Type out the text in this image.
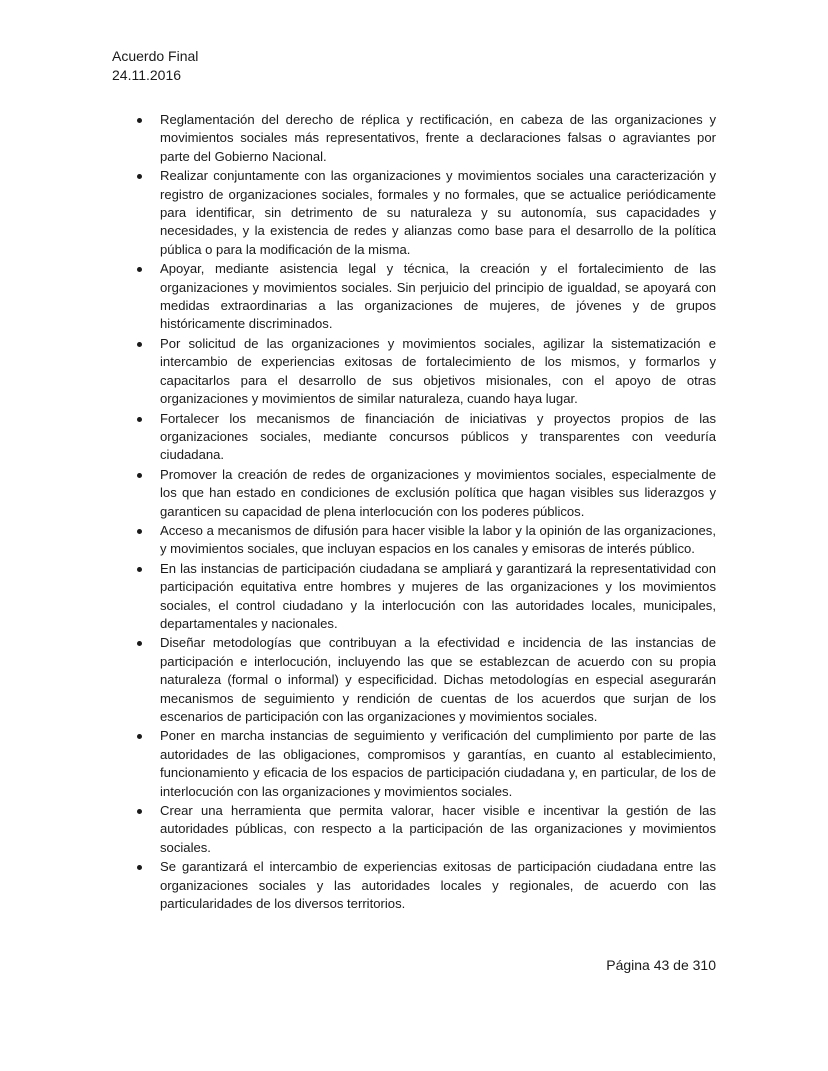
Acuerdo Final
24.11.2016
Reglamentación del derecho de réplica y rectificación, en cabeza de las organizaciones y movimientos sociales más representativos, frente a declaraciones falsas o agraviantes por parte del Gobierno Nacional.
Realizar conjuntamente con las organizaciones y movimientos sociales una caracterización y registro de organizaciones sociales, formales y no formales, que se actualice periódicamente para identificar, sin detrimento de su naturaleza y su autonomía, sus capacidades y necesidades, y la existencia de redes y alianzas como base para el desarrollo de la política pública o para la modificación de la misma.
Apoyar, mediante asistencia legal y técnica, la creación y el fortalecimiento de las organizaciones y movimientos sociales. Sin perjuicio del principio de igualdad, se apoyará con medidas extraordinarias a las organizaciones de mujeres, de jóvenes y de grupos históricamente discriminados.
Por solicitud de las organizaciones y movimientos sociales, agilizar la sistematización e intercambio de experiencias exitosas de fortalecimiento de los mismos, y formarlos y capacitarlos para el desarrollo de sus objetivos misionales, con el apoyo de otras organizaciones y movimientos de similar naturaleza, cuando haya lugar.
Fortalecer los mecanismos de financiación de iniciativas y proyectos propios de las organizaciones sociales, mediante concursos públicos y transparentes con veeduría ciudadana.
Promover la creación de redes de organizaciones y movimientos sociales, especialmente de los que han estado en condiciones de exclusión política que hagan visibles sus liderazgos y garanticen su capacidad de plena interlocución con los poderes públicos.
Acceso a mecanismos de difusión para hacer visible la labor y la opinión de las organizaciones, y movimientos sociales, que incluyan espacios en los canales y emisoras de interés público.
En las instancias de participación ciudadana se ampliará y garantizará la representatividad con participación equitativa entre hombres y mujeres de las organizaciones y los movimientos sociales, el control ciudadano y la interlocución con las autoridades locales, municipales, departamentales y nacionales.
Diseñar metodologías que contribuyan a la efectividad e incidencia de las instancias de participación e interlocución, incluyendo las que se establezcan de acuerdo con su propia naturaleza (formal o informal) y especificidad. Dichas metodologías en especial asegurarán mecanismos de seguimiento y rendición de cuentas de los acuerdos que surjan de los escenarios de participación con las organizaciones y movimientos sociales.
Poner en marcha instancias de seguimiento y verificación del cumplimiento por parte de las autoridades de las obligaciones, compromisos y garantías, en cuanto al establecimiento, funcionamiento y eficacia de los espacios de participación ciudadana y, en particular, de los de interlocución con las organizaciones y movimientos sociales.
Crear una herramienta que permita valorar, hacer visible e incentivar la gestión de las autoridades públicas, con respecto a la participación de las organizaciones y movimientos sociales.
Se garantizará el intercambio de experiencias exitosas de participación ciudadana entre las organizaciones sociales y las autoridades locales y regionales, de acuerdo con las particularidades de los diversos territorios.
Página 43 de 310
